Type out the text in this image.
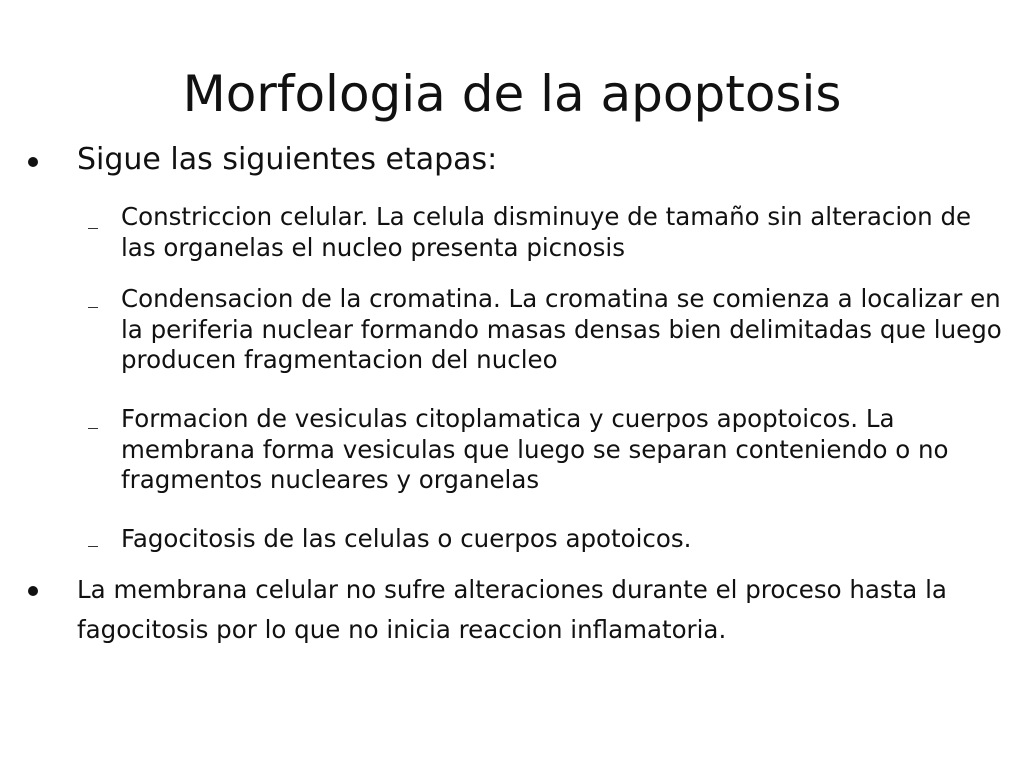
Morfologia de la apoptosis

Sigue las siguientes etapas:

Constriccion celular. La celula disminuye de tamaño sin alteracion de las organelas el nucleo presenta picnosis

Condensacion de la cromatina. La cromatina se comienza a localizar en la periferia nuclear formando masas densas bien delimitadas que luego producen fragmentacion del nucleo

Formacion de vesiculas citoplamatica y cuerpos apoptoicos. La membrana forma vesiculas que luego se separan conteniendo o no fragmentos nucleares y organelas

Fagocitosis de las celulas o cuerpos apotoicos.

La membrana celular no sufre alteraciones durante el proceso hasta la fagocitosis por lo que no inicia reaccion inflamatoria.
